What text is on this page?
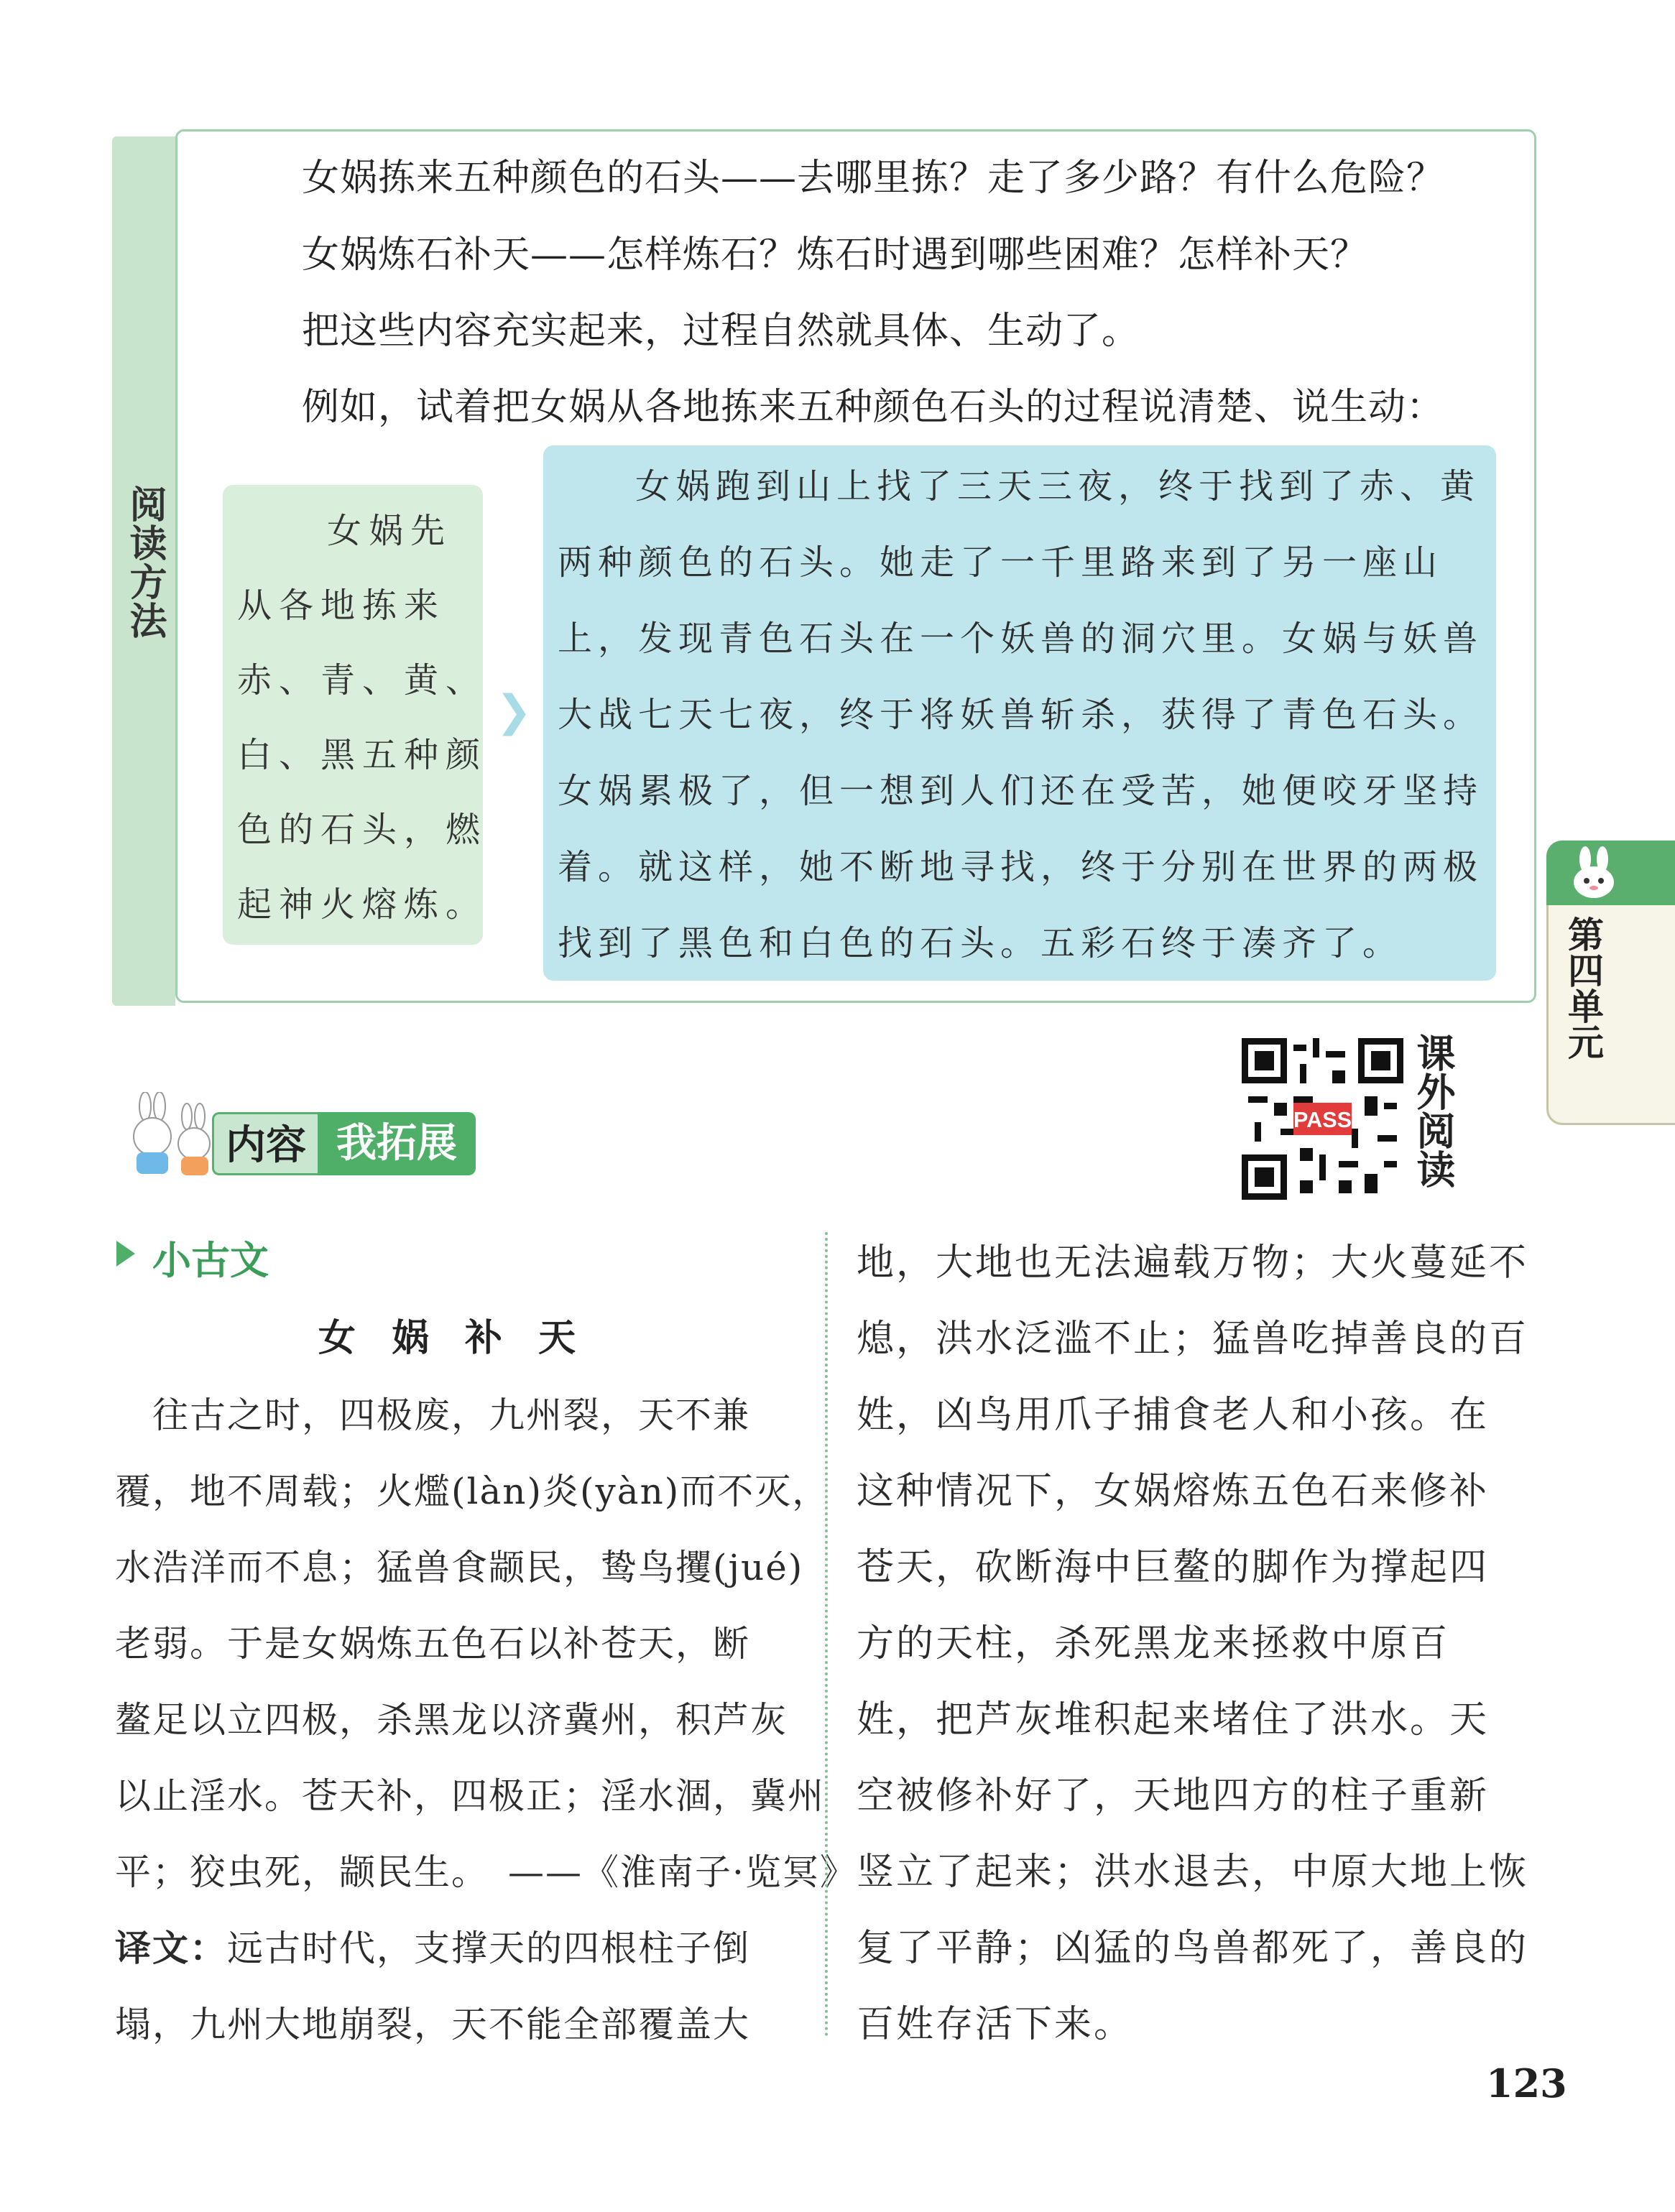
阅读方法
女娲拣来五种颜色的石头——去哪里拣？走了多少路？有什么危险？
女娲炼石补天——怎样炼石？炼石时遇到哪些困难？怎样补天？
把这些内容充实起来，过程自然就具体、生动了。
例如，试着把女娲从各地拣来五种颜色石头的过程说清楚、说生动：
女娲先
从各地拣来
赤、青、黄、
白、黑五种颜
色的石头，燃
起神火熔炼。
❯
女娲跑到山上找了三天三夜，终于找到了赤、黄
两种颜色的石头。她走了一千里路来到了另一座山
上，发现青色石头在一个妖兽的洞穴里。女娲与妖兽
大战七天七夜，终于将妖兽斩杀，获得了青色石头。
女娲累极了，但一想到人们还在受苦，她便咬牙坚持
着。就这样，她不断地寻找，终于分别在世界的两极
找到了黑色和白色的石头。五彩石终于凑齐了。	第四单元
PASS 课外阅读
内容 我拓展
小古文
女 娲 补 天
　往古之时，四极废，九州裂，天不兼
覆，地不周载；火爁(làn)炎(yàn)而不灭，
水浩洋而不息；猛兽食颛民，鸷鸟攫(jué)
老弱。于是女娲炼五色石以补苍天，断
鳌足以立四极，杀黑龙以济冀州，积芦灰
以止淫水。苍天补，四极正；淫水涸，冀州
平；狡虫死，颛民生。　——《淮南子·览冥》
译文：远古时代，支撑天的四根柱子倒
塌，九州大地崩裂，天不能全部覆盖大
地，大地也无法遍载万物；大火蔓延不
熄，洪水泛滥不止；猛兽吃掉善良的百
姓，凶鸟用爪子捕食老人和小孩。在
这种情况下，女娲熔炼五色石来修补
苍天，砍断海中巨鳌的脚作为撑起四
方的天柱，杀死黑龙来拯救中原百
姓，把芦灰堆积起来堵住了洪水。天
空被修补好了，天地四方的柱子重新
竖立了起来；洪水退去，中原大地上恢
复了平静；凶猛的鸟兽都死了，善良的
百姓存活下来。
123
